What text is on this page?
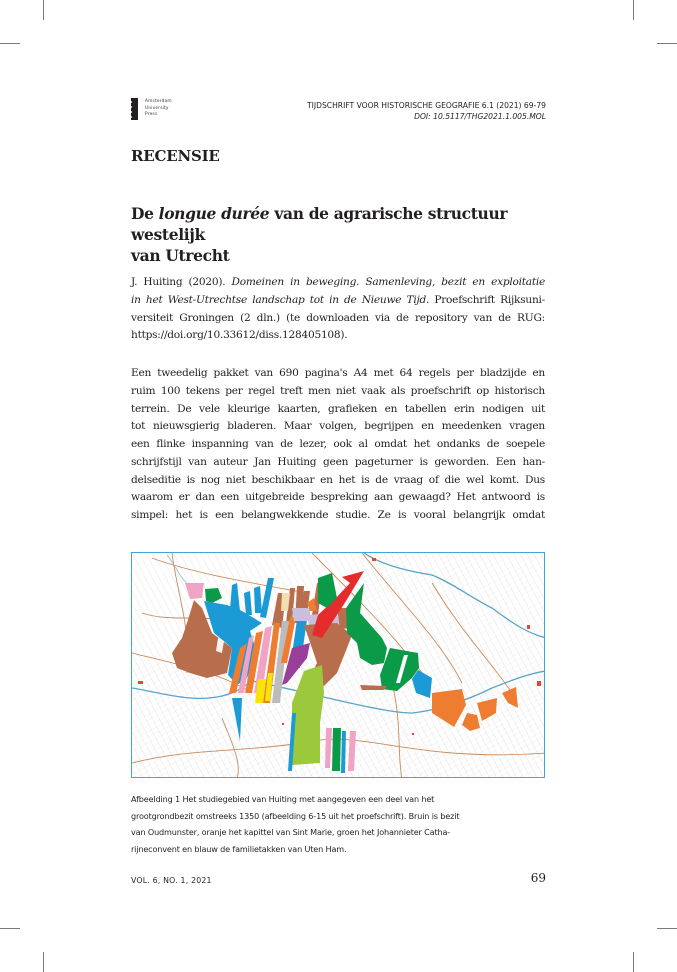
Amsterdam
University
Press
TIJDSCHRIFT VOOR HISTORISCHE GEOGRAFIE 6.1 (2021) 69-79
DOI: 10.5117/THG2021.1.005.MOL
RECENSIE
De longue durée van de agrarische structuur westelijk
van Utrecht
J. Huiting (2020). Domeinen in beweging. Samenleving, bezit en exploitatie
in het West-Utrechtse landschap tot in de Nieuwe Tijd. Proefschrift Rijksuni-
versiteit Groningen (2 dln.) (te downloaden via de repository van de RUG:
https://doi.org/10.33612/diss.128405108).
Een tweedelig pakket van 690 pagina's A4 met 64 regels per bladzijde en
ruim 100 tekens per regel treft men niet vaak als proefschrift op historisch
terrein. De vele kleurige kaarten, grafieken en tabellen erin nodigen uit
tot nieuwsgierig bladeren. Maar volgen, begrijpen en meedenken vragen
een flinke inspanning van de lezer, ook al omdat het ondanks de soepele
schrijfstijl van auteur Jan Huiting geen pageturner is geworden. Een han-
delseditie is nog niet beschikbaar en het is de vraag of die wel komt. Dus
waarom er dan een uitgebreide bespreking aan gewaagd? Het antwoord is
simpel: het is een belangwekkende studie. Ze is vooral belangrijk omdat
Afbeelding 1 Het studiegebied van Huiting met aangegeven een deel van het
grootgrondbezit omstreeks 1350 (afbeelding 6-15 uit het proefschrift). Bruin is bezit
van Oudmunster, oranje het kapittel van Sint Marie, groen het Johannieter Catha-
rijneconvent en blauw de familietakken van Uten Ham.
VOL. 6, NO. 1, 2021	69
